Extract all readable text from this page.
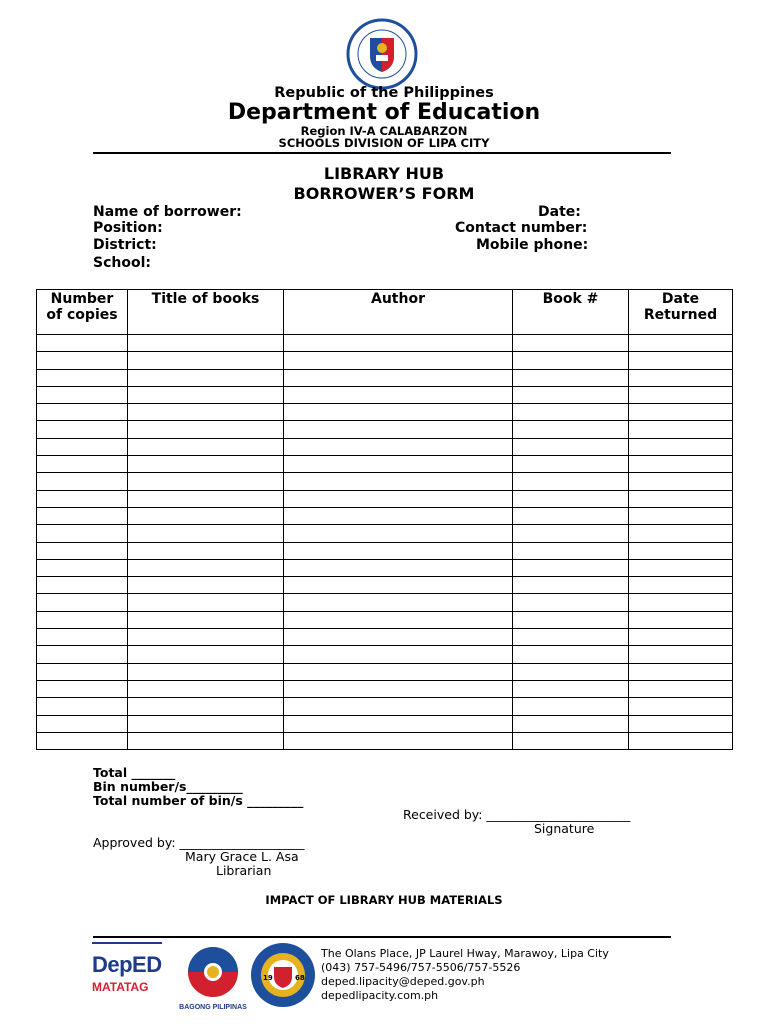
Republic of the Philippines
Department of Education
Region IV-A CALABARZON
SCHOOLS DIVISION OF LIPA CITY
LIBRARY HUB
BORROWER’S FORM
Name of borrower:
Position:
District:
School:
Date:
Contact number:
Mobile phone:
Number
of copies	Title of books	Author	Book #	Date
Returned

Total _______
Bin number/s_________
Total number of bin/s _________
Received by: _______________________
Signature
Approved by: ____________________
Mary Grace L. Asa
Librarian
IMPACT OF LIBRARY HUB MATERIALS
DepED
MATATAG
BAGONG PILIPINAS
19	68
The Olans Place, JP Laurel Hway, Marawoy, Lipa City
(043) 757-5496/757-5506/757-5526
deped.lipacity@deped.gov.ph
depedlipacity.com.ph
